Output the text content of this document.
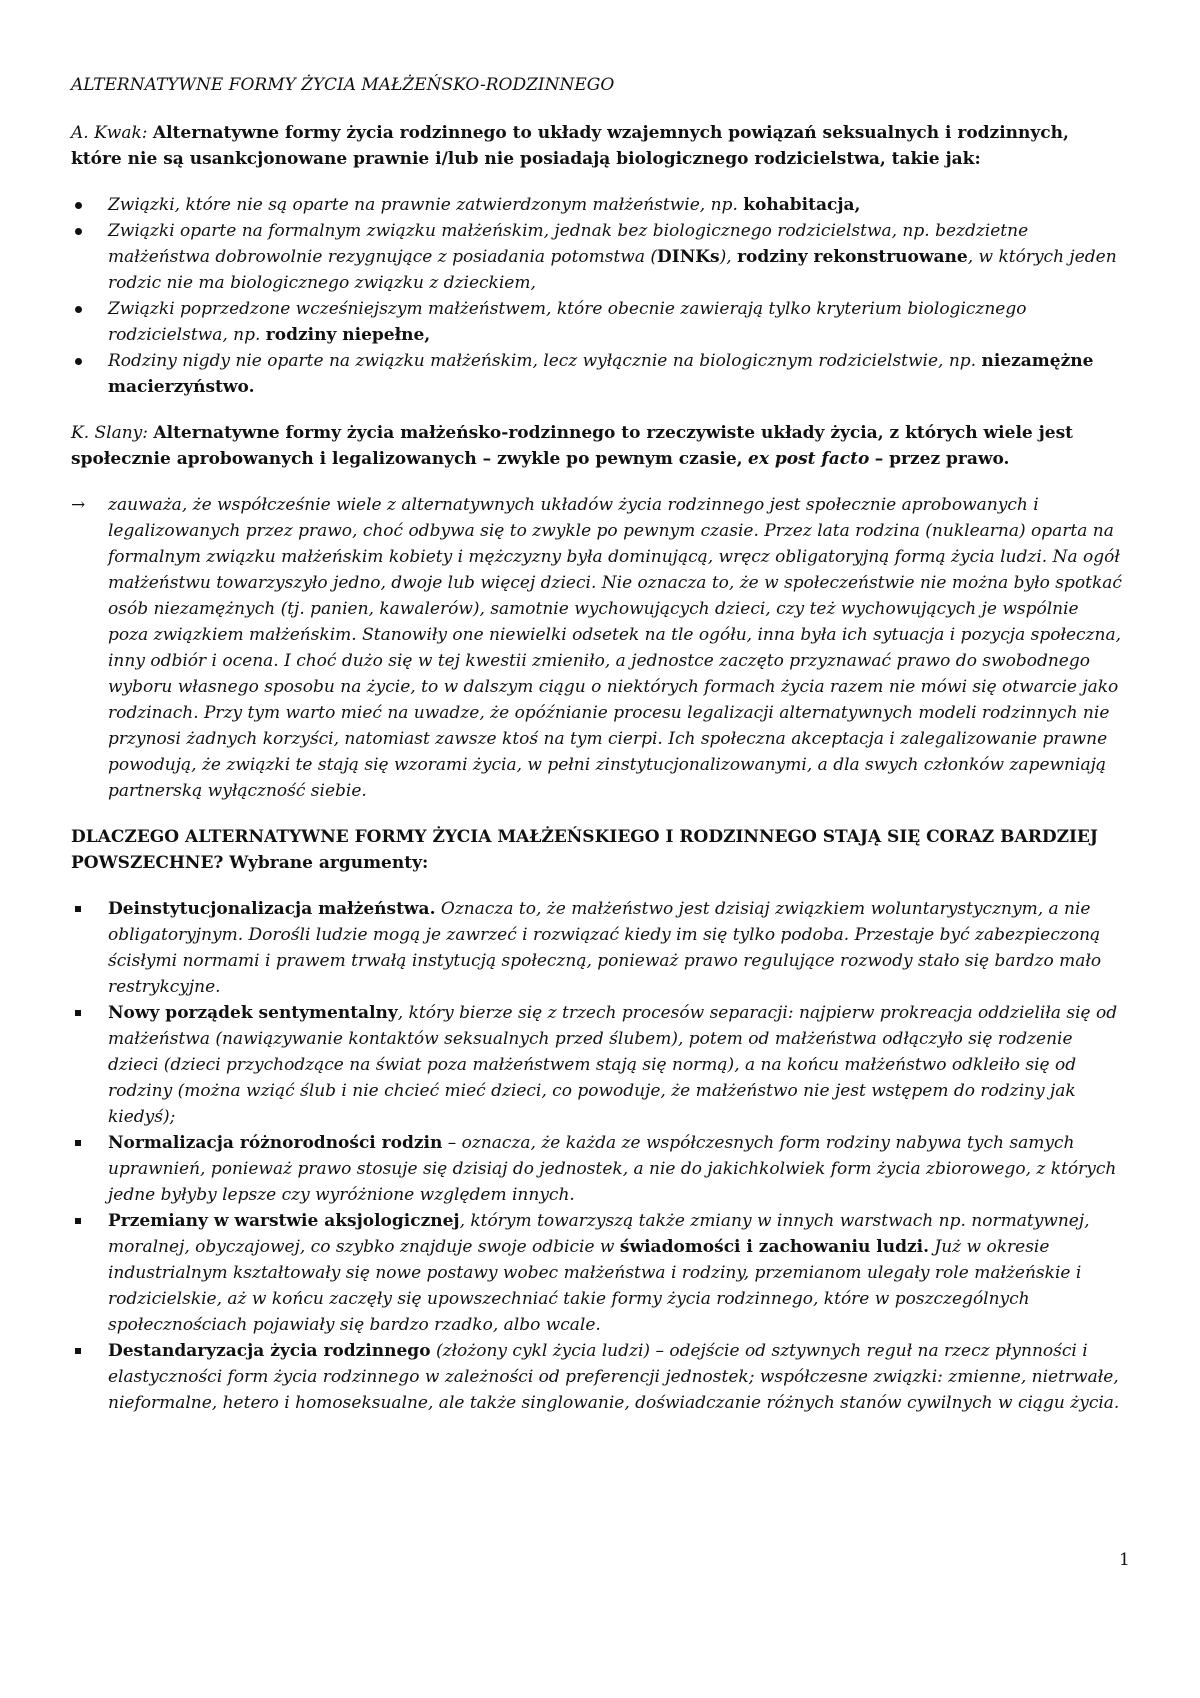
ALTERNATYWNE FORMY ŻYCIA MAŁŻEŃSKO-RODZINNEGO

A. Kwak: Alternatywne formy życia rodzinnego to układy wzajemnych powiązań seksualnych i rodzinnych, które nie są usankcjonowane prawnie i/lub nie posiadają biologicznego rodzicielstwa, takie jak:

Związki, które nie są oparte na prawnie zatwierdzonym małżeństwie, np. kohabitacja,
Związki oparte na formalnym związku małżeńskim, jednak bez biologicznego rodzicielstwa, np. bezdzietne małżeństwa dobrowolnie rezygnujące z posiadania potomstwa (DINKs), rodziny rekonstruowane, w których jeden rodzic nie ma biologicznego związku z dzieckiem,
Związki poprzedzone wcześniejszym małżeństwem, które obecnie zawierają tylko kryterium biologicznego rodzicielstwa, np. rodziny niepełne,
Rodziny nigdy nie oparte na związku małżeńskim, lecz wyłącznie na biologicznym rodzicielstwie, np. niezamężne macierzyństwo.

K. Slany: Alternatywne formy życia małżeńsko-rodzinnego to rzeczywiste układy życia, z których wiele jest społecznie aprobowanych i legalizowanych – zwykle po pewnym czasie, ex post facto – przez prawo.

→ zauważa, że współcześnie wiele z alternatywnych układów życia rodzinnego jest społecznie aprobowanych i legalizowanych przez prawo, choć odbywa się to zwykle po pewnym czasie. Przez lata rodzina (nuklearna) oparta na formalnym związku małżeńskim kobiety i mężczyzny była dominującą, wręcz obligatoryjną formą życia ludzi. Na ogół małżeństwu towarzyszyło jedno, dwoje lub więcej dzieci. Nie oznacza to, że w społeczeństwie nie można było spotkać osób niezamężnych (tj. panien, kawalerów), samotnie wychowujących dzieci, czy też wychowujących je wspólnie poza związkiem małżeńskim. Stanowiły one niewielki odsetek na tle ogółu, inna była ich sytuacja i pozycja społeczna, inny odbiór i ocena. I choć dużo się w tej kwestii zmieniło, a jednostce zaczęto przyznawać prawo do swobodnego wyboru własnego sposobu na życie, to w dalszym ciągu o niektórych formach życia razem nie mówi się otwarcie jako rodzinach. Przy tym warto mieć na uwadze, że opóźnianie procesu legalizacji alternatywnych modeli rodzinnych nie przynosi żadnych korzyści, natomiast zawsze ktoś na tym cierpi. Ich społeczna akceptacja i zalegalizowanie prawne powodują, że związki te stają się wzorami życia, w pełni zinstytucjonalizowanymi, a dla swych członków zapewniają partnerską wyłączność siebie.

DLACZEGO ALTERNATYWNE FORMY ŻYCIA MAŁŻEŃSKIEGO I RODZINNEGO STAJĄ SIĘ CORAZ BARDZIEJ POWSZECHNE? Wybrane argumenty:

Deinstytucjonalizacja małżeństwa. Oznacza to, że małżeństwo jest dzisiaj związkiem woluntarystycznym, a nie obligatoryjnym. Dorośli ludzie mogą je zawrzeć i rozwiązać kiedy im się tylko podoba. Przestaje być zabezpieczoną ścisłymi normami i prawem trwałą instytucją społeczną, ponieważ prawo regulujące rozwody stało się bardzo mało restrykcyjne.
Nowy porządek sentymentalny, który bierze się z trzech procesów separacji: najpierw prokreacja oddzieliła się od małżeństwa (nawiązywanie kontaktów seksualnych przed ślubem), potem od małżeństwa odłączyło się rodzenie dzieci (dzieci przychodzące na świat poza małżeństwem stają się normą), a na końcu małżeństwo odkleiło się od rodziny (można wziąć ślub i nie chcieć mieć dzieci, co powoduje, że małżeństwo nie jest wstępem do rodziny jak kiedyś);
Normalizacja różnorodności rodzin – oznacza, że każda ze współczesnych form rodziny nabywa tych samych uprawnień, ponieważ prawo stosuje się dzisiaj do jednostek, a nie do jakichkolwiek form życia zbiorowego, z których jedne byłyby lepsze czy wyróżnione względem innych.
Przemiany w warstwie aksjologicznej, którym towarzyszą także zmiany w innych warstwach np. normatywnej, moralnej, obyczajowej, co szybko znajduje swoje odbicie w świadomości i zachowaniu ludzi. Już w okresie industrialnym kształtowały się nowe postawy wobec małżeństwa i rodziny, przemianom ulegały role małżeńskie i rodzicielskie, aż w końcu zaczęły się upowszechniać takie formy życia rodzinnego, które w poszczególnych społecznościach pojawiały się bardzo rzadko, albo wcale.
Destandaryzacja życia rodzinnego (złożony cykl życia ludzi) – odejście od sztywnych reguł na rzecz płynności i elastyczności form życia rodzinnego w zależności od preferencji jednostek; współczesne związki: zmienne, nietrwałe, nieformalne, hetero i homoseksualne, ale także singlowanie, doświadczanie różnych stanów cywilnych w ciągu życia.
1
